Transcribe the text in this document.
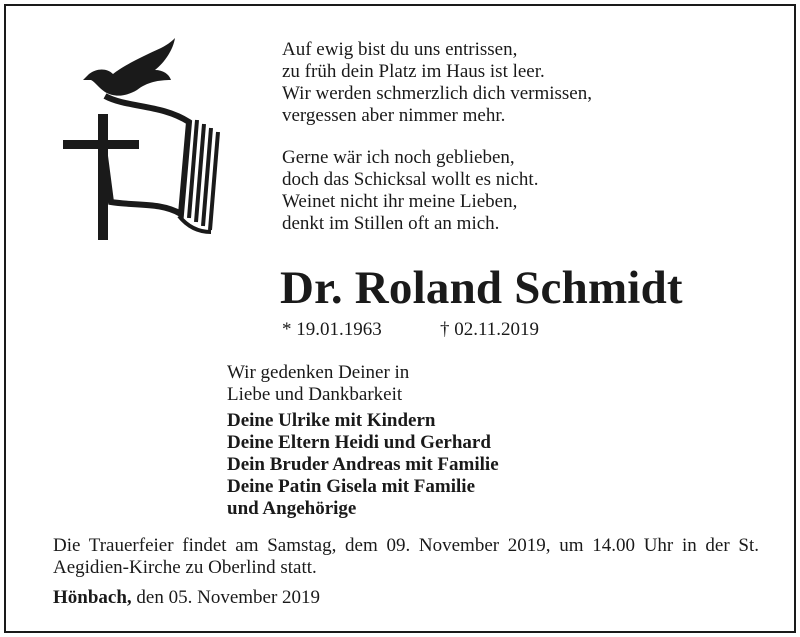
Auf ewig bist du uns entrissen,
zu früh dein Platz im Haus ist leer.
Wir werden schmerzlich dich vermissen,
vergessen aber nimmer mehr.
Gerne wär ich noch geblieben,
doch das Schicksal wollt es nicht.
Weinet nicht ihr meine Lieben,
denkt im Stillen oft an mich.
Dr. Roland Schmidt
* 19.01.1963	† 02.11.2019
Wir gedenken Deiner in
Liebe und Dankbarkeit
Deine Ulrike mit Kindern
Deine Eltern Heidi und Gerhard
Dein Bruder Andreas mit Familie
Deine Patin Gisela mit Familie
und Angehörige
Die Trauerfeier findet am Samstag, dem 09. November 2019, um 14.00 Uhr in der St. Aegidien-Kirche zu Oberlind statt.
Hönbach, den 05. November 2019
